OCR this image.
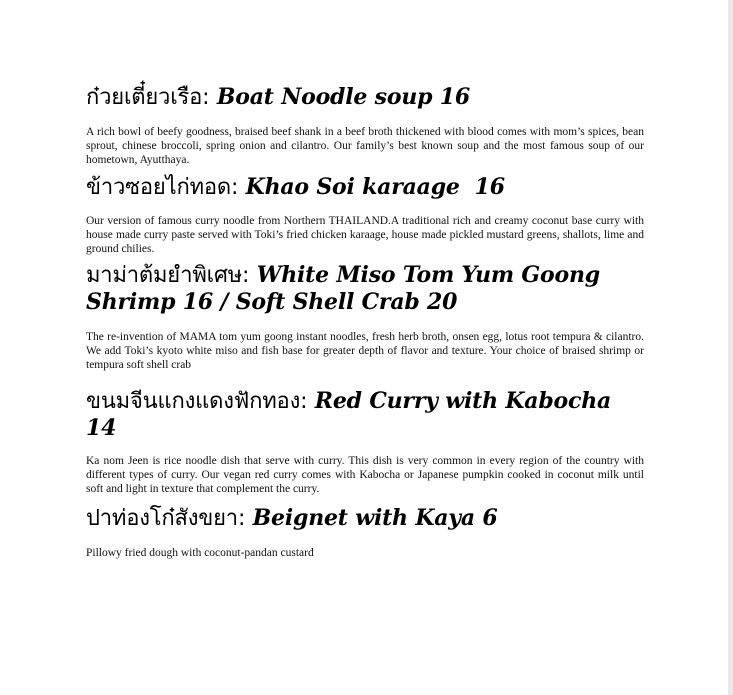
ก๋วยเตี๋ยวเรือ: Boat Noodle soup 16

A rich bowl of beefy goodness, braised beef shank in a beef broth thickened with blood comes with mom’s spices, bean sprout, chinese broccoli, spring onion and cilantro. Our family’s best known soup and the most famous soup of our hometown, Ayutthaya.

ข้าวซอยไก่ทอด: Khao Soi karaage 16

Our version of famous curry noodle from Northern THAILAND.A traditional rich and creamy coconut base curry with house made curry paste served with Toki’s fried chicken karaage, house made pickled mustard greens, shallots, lime and ground chilies.

มาม่าต้มยำพิเศษ: White Miso Tom Yum Goong Shrimp 16 / Soft Shell Crab 20

The re-invention of MAMA tom yum goong instant noodles, fresh herb broth, onsen egg, lotus root tempura & cilantro. We add Toki’s kyoto white miso and fish base for greater depth of flavor and texture. Your choice of braised shrimp or tempura soft shell crab

ขนมจีนแกงแดงฟักทอง: Red Curry with Kabocha 14

Ka nom Jeen is rice noodle dish that serve with curry. This dish is very common in every region of the country with different types of curry. Our vegan red curry comes with Kabocha or Japanese pumpkin cooked in coconut milk until soft and light in texture that complement the curry.

ปาท่องโก๋สังขยา: Beignet with Kaya 6

Pillowy fried dough with coconut-pandan custard
